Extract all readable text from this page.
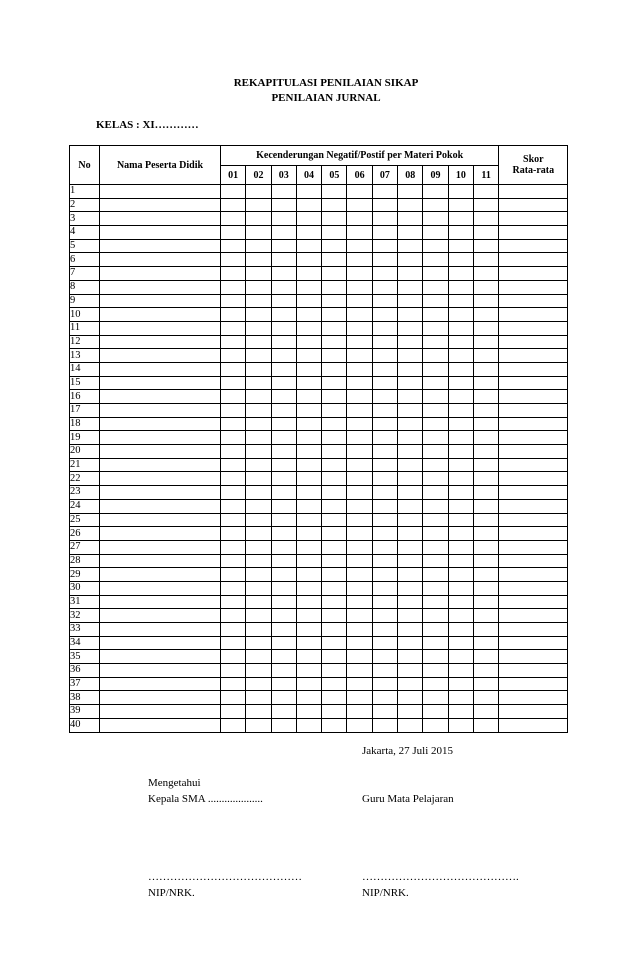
REKAPITULASI PENILAIAN SIKAP
PENILAIAN JURNAL
KELAS : XI…………
No	Nama Peserta Didik	Kecenderungan Negatif/Postif per Materi Pokok											Skor
Rata-rata

		01	02	03	04	05	06	07	08	09	10	11	
1													
2													
3													
4													
5													
6													
7													
8													
9													
10													
11													
12													
13													
14													
15													
16													
17													
18													
19													
20													
21													
22													
23													
24													
25													
26													
27													
28													
29													
30													
31													
32													
33													
34													
35													
36													
37													
38													
39													
40													
Jakarta, 27 Juli 2015
Mengetahui
Kepala SMA ....................	Guru Mata Pelajaran
……………………………………	…………………………………….
NIP/NRK.	NIP/NRK.
